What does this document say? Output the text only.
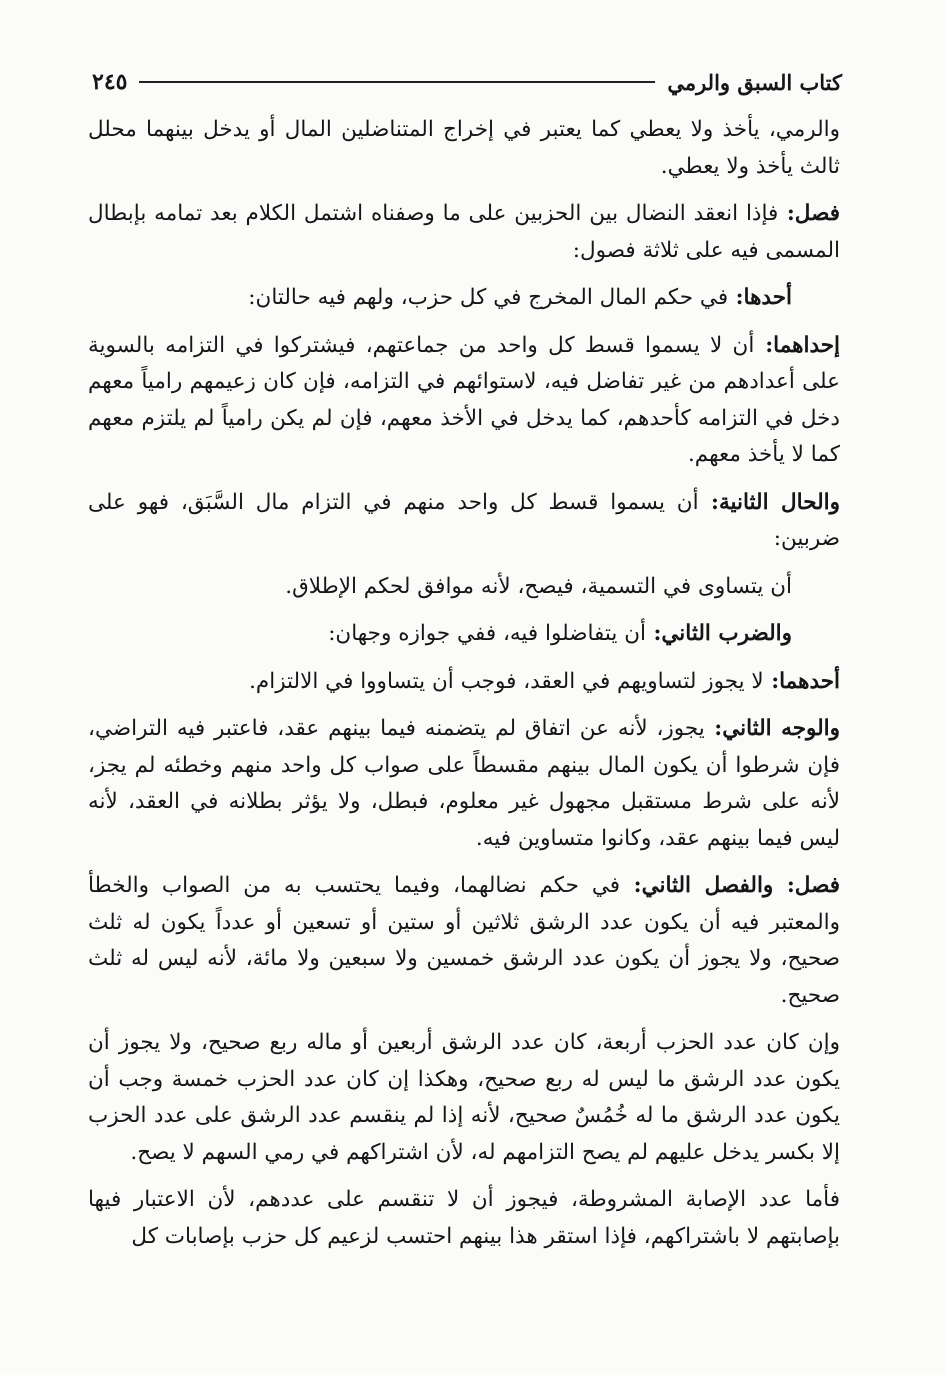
كتاب السبق والرمي
٢٤٥

والرمي، يأخذ ولا يعطي كما يعتبر في إخراج المتناضلين المال أو يدخل بينهما محلل ثالث يأخذ ولا يعطي.

فصل: فإذا انعقد النضال بين الحزبين على ما وصفناه اشتمل الكلام بعد تمامه بإبطال المسمى فيه على ثلاثة فصول:

أحدها: في حكم المال المخرج في كل حزب، ولهم فيه حالتان:

إحداهما: أن لا يسموا قسط كل واحد من جماعتهم، فيشتركوا في التزامه بالسوية على أعدادهم من غير تفاضل فيه، لاستوائهم في التزامه، فإن كان زعيمهم رامياً معهم دخل في التزامه كأحدهم، كما يدخل في الأخذ معهم، فإن لم يكن رامياً لم يلتزم معهم كما لا يأخذ معهم.

والحال الثانية: أن يسموا قسط كل واحد منهم في التزام مال السَّبَق، فهو على ضربين:

أن يتساوى في التسمية، فيصح، لأنه موافق لحكم الإطلاق.

والضرب الثاني: أن يتفاضلوا فيه، ففي جوازه وجهان:

أحدهما: لا يجوز لتساويهم في العقد، فوجب أن يتساووا في الالتزام.

والوجه الثاني: يجوز، لأنه عن اتفاق لم يتضمنه فيما بينهم عقد، فاعتبر فيه التراضي، فإن شرطوا أن يكون المال بينهم مقسطاً على صواب كل واحد منهم وخطئه لم يجز، لأنه على شرط مستقبل مجهول غير معلوم، فبطل، ولا يؤثر بطلانه في العقد، لأنه ليس فيما بينهم عقد، وكانوا متساوين فيه.

فصل: والفصل الثاني: في حكم نضالهما، وفيما يحتسب به من الصواب والخطأ والمعتبر فيه أن يكون عدد الرشق ثلاثين أو ستين أو تسعين أو عدداً يكون له ثلث صحيح، ولا يجوز أن يكون عدد الرشق خمسين ولا سبعين ولا مائة، لأنه ليس له ثلث صحيح.

وإن كان عدد الحزب أربعة، كان عدد الرشق أربعين أو ماله ربع صحيح، ولا يجوز أن يكون عدد الرشق ما ليس له ربع صحيح، وهكذا إن كان عدد الحزب خمسة وجب أن يكون عدد الرشق ما له خُمُسٌ صحيح، لأنه إذا لم ينقسم عدد الرشق على عدد الحزب إلا بكسر يدخل عليهم لم يصح التزامهم له، لأن اشتراكهم في رمي السهم لا يصح.

فأما عدد الإصابة المشروطة، فيجوز أن لا تنقسم على عددهم، لأن الاعتبار فيها بإصابتهم لا باشتراكهم، فإذا استقر هذا بينهم احتسب لزعيم كل حزب بإصابات كل
